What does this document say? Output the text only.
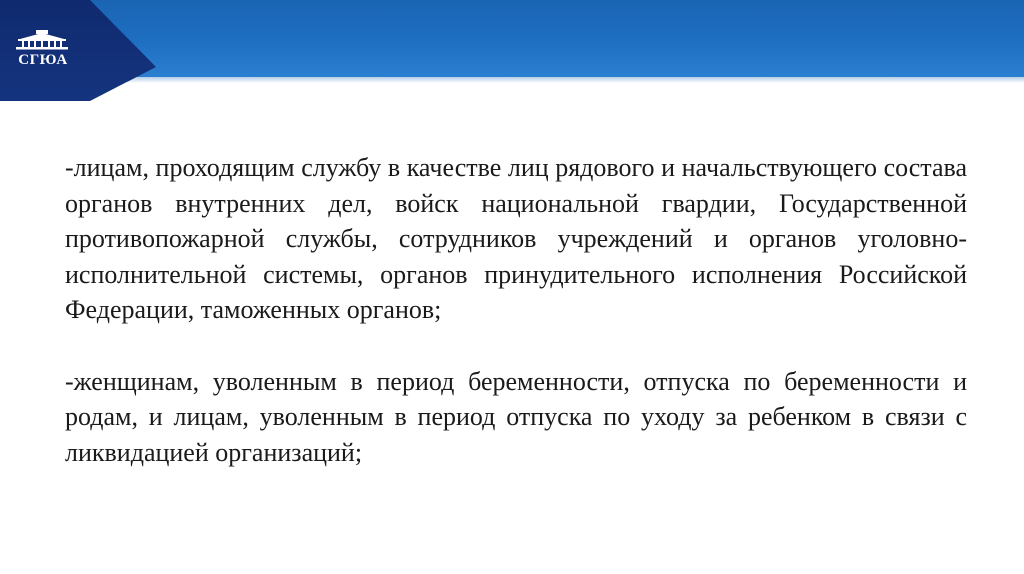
СГЮА

-лицам, проходящим службу в качестве лиц рядового и начальствующего состава органов внутренних дел, войск национальной гвардии, Государственной противопожарной службы, сотрудников учреждений и органов уголовно-исполнительной системы, органов принудительного исполнения Российской Федерации, таможенных органов;

-женщинам, уволенным в период беременности, отпуска по беременности и родам, и лицам, уволенным в период отпуска по уходу за ребенком в связи с ликвидацией организаций;
